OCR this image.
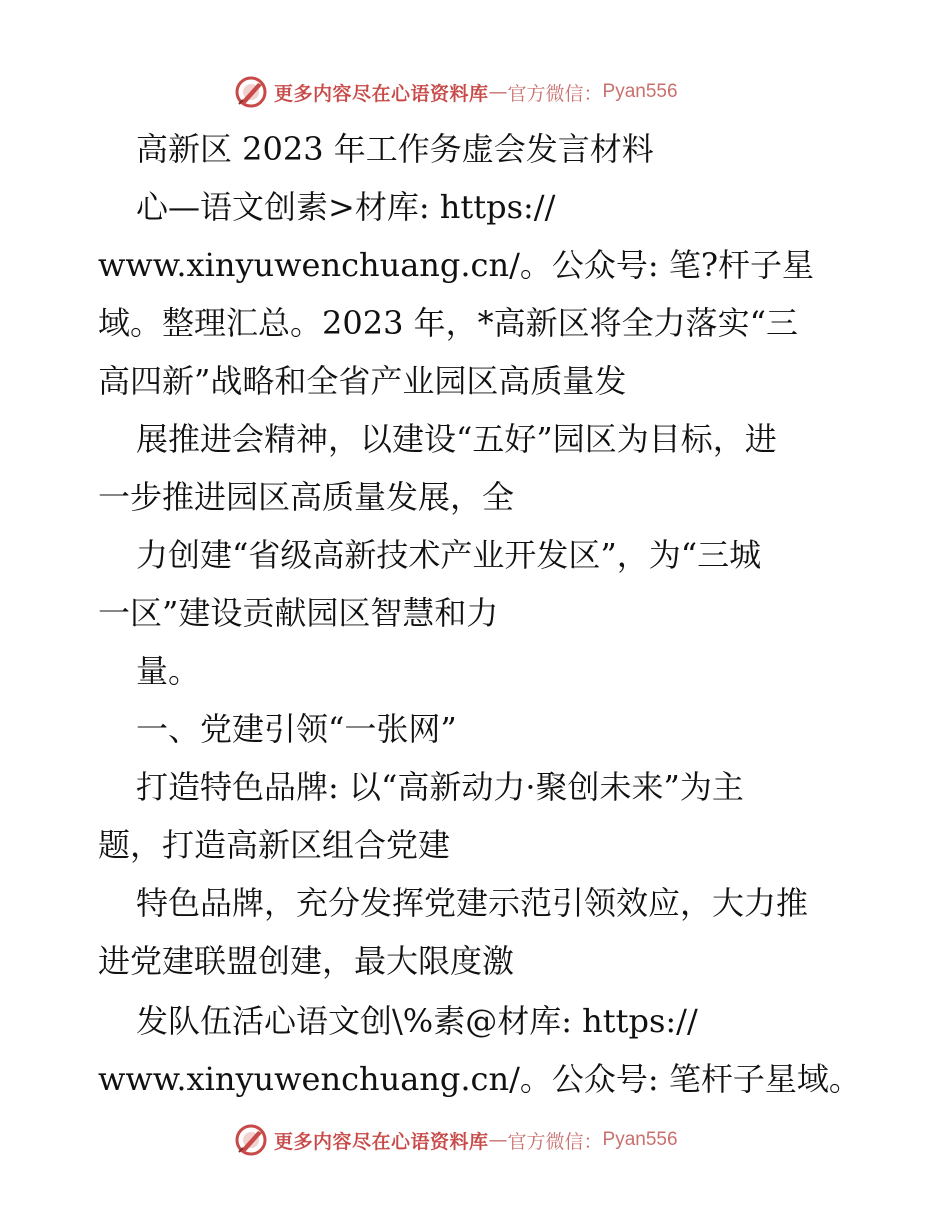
更多内容尽在心语资料库 — 官方微信： Pyan556
高新区 2023 年工作务虚会发言材料
心—语文创素>材库: https://
www.xinyuwenchuang.cn/。公众号: 笔?杆子星
域。整理汇总。2023 年，*高新区将全力落实“三
高四新”战略和全省产业园区高质量发
展推进会精神，以建设“五好”园区为目标，进
一步推进园区高质量发展，全
力创建“省级高新技术产业开发区”，为“三城
一区”建设贡献园区智慧和力
量。
一、党建引领“一张网”
打造特色品牌: 以“高新动力·聚创未来”为主
题，打造高新区组合党建
特色品牌，充分发挥党建示范引领效应，大力推
进党建联盟创建，最大限度激
发队伍活心语文创\%素@材库: https://
www.xinyuwenchuang.cn/。公众号: 笔杆子星域。
更多内容尽在心语资料库 — 官方微信： Pyan556
